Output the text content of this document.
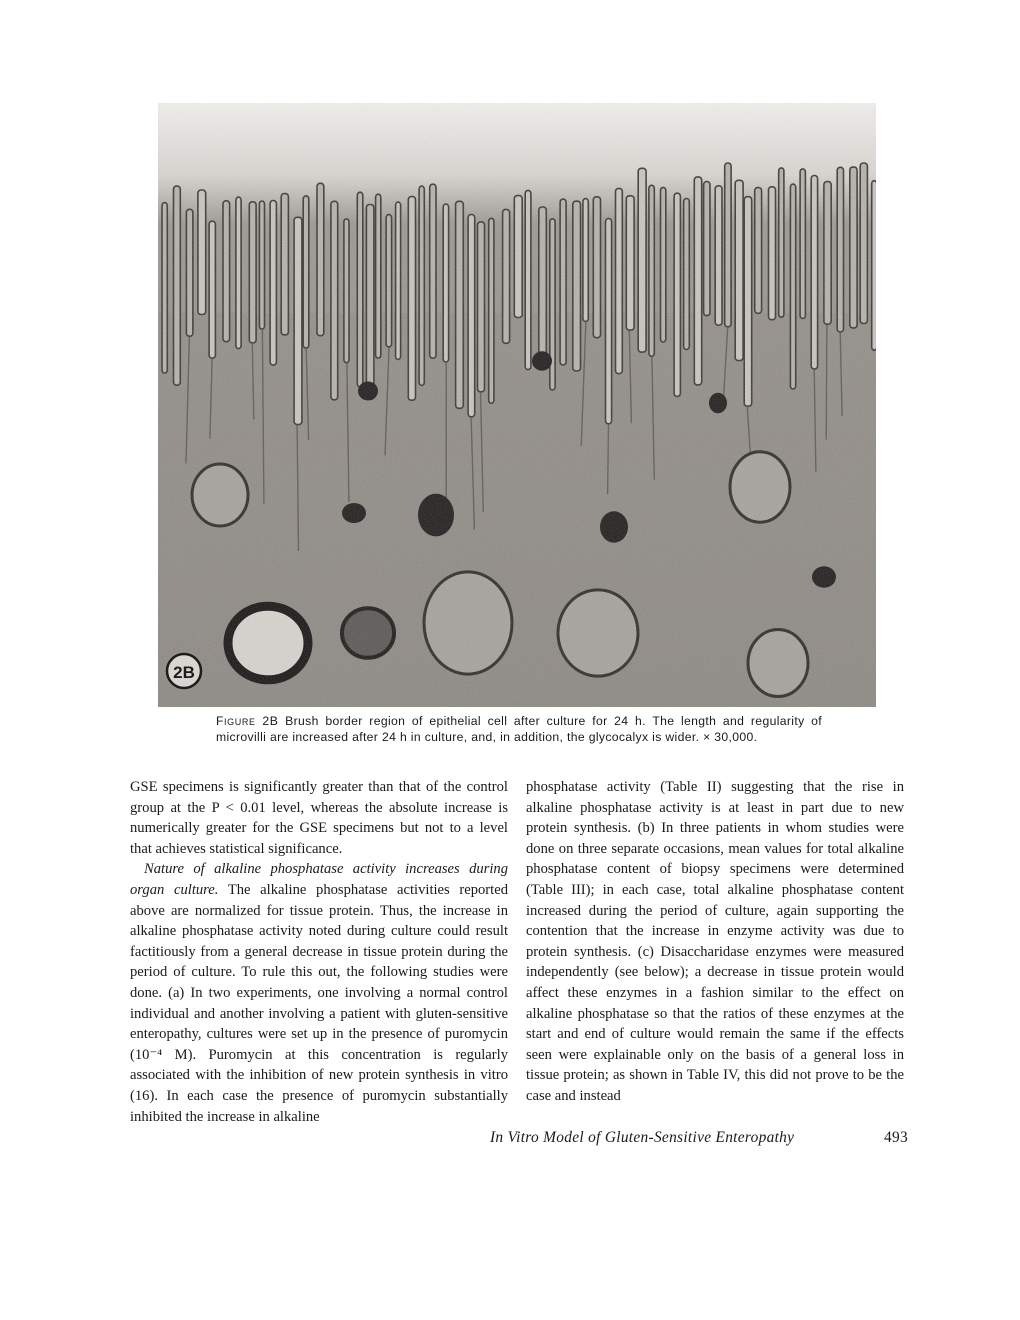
2B
Figure 2B Brush border region of epithelial cell after culture for 24 h. The length and regularity of microvilli are increased after 24 h in culture, and, in addition, the glycocalyx is wider. × 30,000.

GSE specimens is significantly greater than that of the control group at the P < 0.01 level, whereas the absolute increase is numerically greater for the GSE specimens but not to a level that achieves statistical significance.

Nature of alkaline phosphatase activity increases during organ culture. The alkaline phosphatase activities reported above are normalized for tissue protein. Thus, the increase in alkaline phosphatase activity noted during culture could result factitiously from a general decrease in tissue protein during the period of culture. To rule this out, the following studies were done. (a) In two experiments, one involving a normal control individual and another involving a patient with gluten-sensitive enteropathy, cultures were set up in the presence of puromycin (10⁻⁴ M). Puromycin at this concentration is regularly associated with the inhibition of new protein synthesis in vitro (16). In each case the presence of puromycin substantially inhibited the increase in alkaline

phosphatase activity (Table II) suggesting that the rise in alkaline phosphatase activity is at least in part due to new protein synthesis. (b) In three patients in whom studies were done on three separate occasions, mean values for total alkaline phosphatase content of biopsy specimens were determined (Table III); in each case, total alkaline phosphatase content increased during the period of culture, again supporting the contention that the increase in enzyme activity was due to protein synthesis. (c) Disaccharidase enzymes were measured independently (see below); a decrease in tissue protein would affect these enzymes in a fashion similar to the effect on alkaline phosphatase so that the ratios of these enzymes at the start and end of culture would remain the same if the effects seen were explainable only on the basis of a general loss in tissue protein; as shown in Table IV, this did not prove to be the case and instead

In Vitro Model of Gluten-Sensitive Enteropathy	493
